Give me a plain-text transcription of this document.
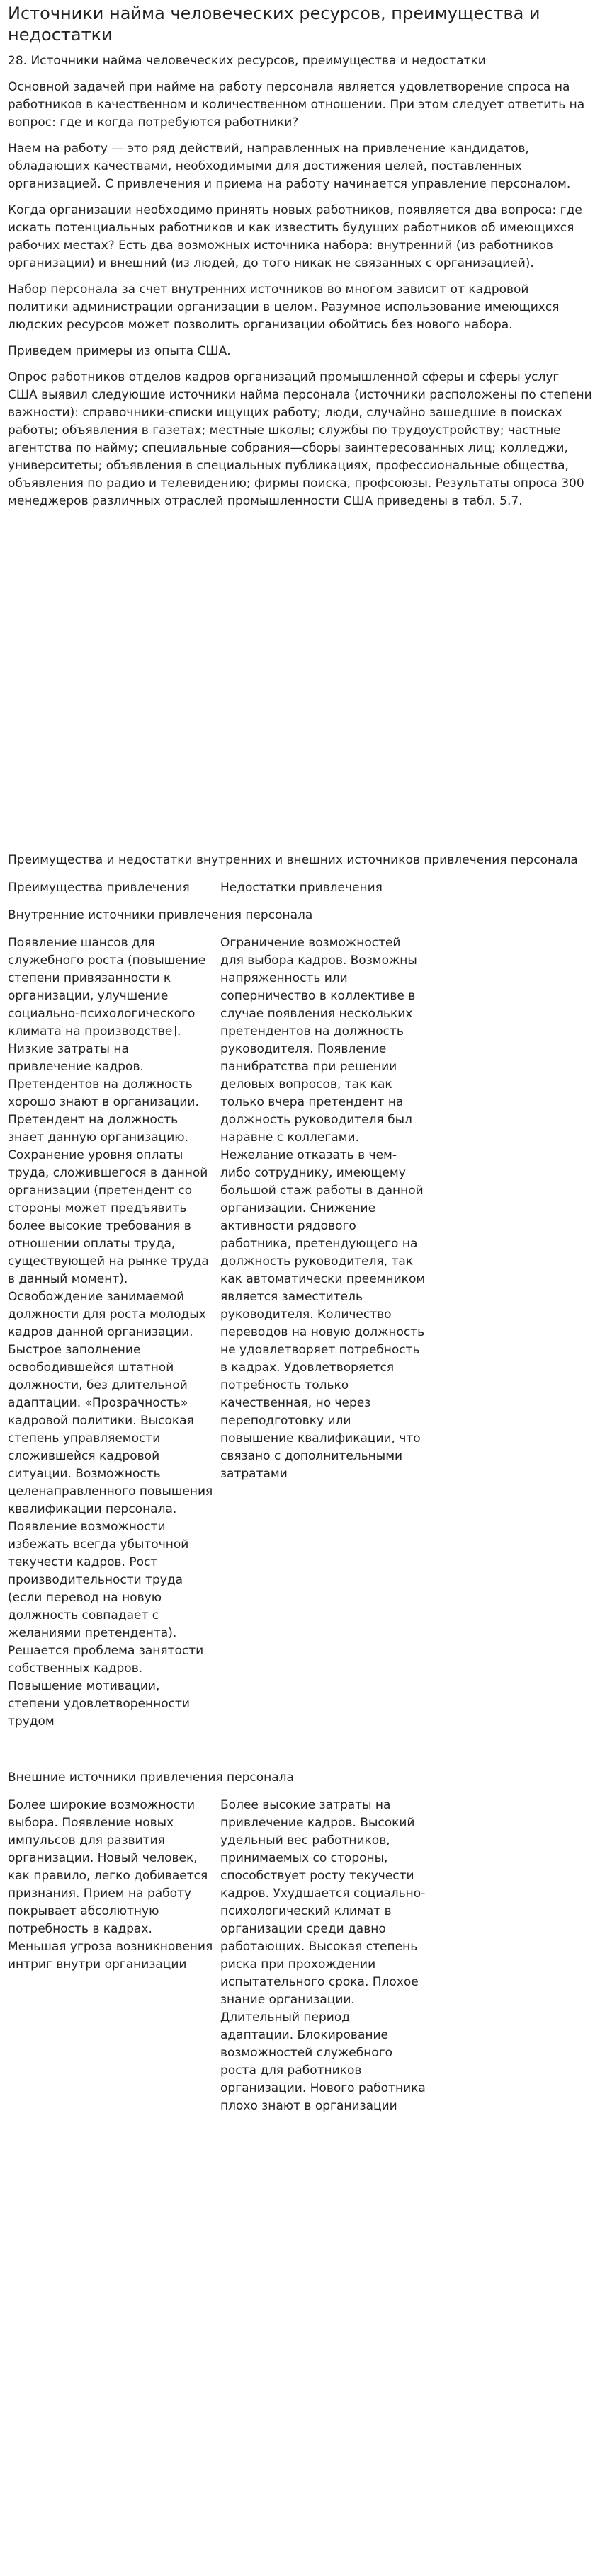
Источники найма человеческих ресурсов, преимущества и недостатки

28. Источники найма человеческих ресурсов, преимущества и недостатки

Основной задачей при найме на работу персонала является удовлетворение спроса на работников в качественном и количественном отношении. При этом следует ответить на вопрос: где и когда потребуются работники?

Наем на работу — это ряд действий, направленных на привлечение кандидатов, обладающих качествами, необходимыми для достижения целей, поставленных организацией. С привлечения и приема на работу начинается управление персоналом.

Когда организации необходимо принять новых работников, появляется два вопроса: где искать потенциальных работников и как известить будущих работников об имеющихся рабочих местах? Есть два возможных источника набора: внутренний (из работников организации) и внешний (из людей, до того никак не связанных с организацией).

Набор персонала за счет внутренних источников во многом зависит от кадровой политики администрации организации в целом. Разумное использование имеющихся людских ресурсов может позволить организации обойтись без нового набора.

Приведем примеры из опыта США.

Опрос работников отделов кадров организаций промышленной сферы и сферы услуг США выявил следующие источники найма персонала (источники расположены по степени важности): справочники-списки ищущих работу; люди, случайно зашедшие в поисках работы; объявления в газетах; местные школы; службы по трудоустройству; частные агентства по найму; специальные собрания—сборы заинтересованных лиц; колледжи, университеты; объявления в специальных публикациях, профессиональные общества, объявления по радио и телевидению; фирмы поиска, профсоюзы. Результаты опроса 300 менеджеров различных отраслей промышленности США приведены в табл. 5.7.

Преимущества и недостатки внутренних и внешних источников привлечения персонала

Преимущества привлечения	Недостатки привлечения

Внутренние источники привлечения персонала

Появление шансов для служебного роста (повышение степени привязанности к организации, улучшение социально-психологического климата на производстве]. Низкие затраты на привлечение кадров. Претендентов на должность хорошо знают в организации. Претендент на должность знает данную организацию. Сохранение уровня оплаты труда, сложившегося в данной организации (претендент со стороны может предъявить более высокие требования в отношении оплаты труда, существующей на рынке труда в данный момент). Освобождение занимаемой должности для роста молодых кадров данной организации. Быстрое заполнение освободившейся штатной должности, без длительной адаптации. «Прозрачность» кадровой политики. Высокая степень управляемости сложившейся кадровой ситуации. Возможность целенаправленного повышения квалификации персонала. Появление возможности избежать всегда убыточной текучести кадров. Рост производительности труда (если перевод на новую должность совпадает с желаниями претендента). Решается проблема занятости собственных кадров. Повышение мотивации, степени удовлетворенности трудом

Ограничение возможностей для выбора кадров. Возможны напряженность или соперничество в коллективе в случае появления нескольких претендентов на должность руководителя. Появление панибратства при решении деловых вопросов, так как только вчера претендент на должность руководителя был наравне с коллегами. Нежелание отказать в чем-либо сотруднику, имеющему большой стаж работы в данной организации. Снижение активности рядового работника, претендующего на должность руководителя, так как автоматически преемником является заместитель руководителя. Количество переводов на новую должность не удовлетворяет потребность в кадрах. Удовлетворяется потребность только качественная, но через переподготовку или повышение квалификации, что связано с дополнительными затратами

Внешние источники привлечения персонала

Более широкие возможности выбора. Появление новых импульсов для развития организации. Новый человек, как правило, легко добивается признания. Прием на работу покрывает абсолютную потребность в кадрах. Меньшая угроза возникновения интриг внутри организации

Более высокие затраты на привлечение кадров. Высокий удельный вес работников, принимаемых со стороны, способствует росту текучести кадров. Ухудшается социально-психологический климат в организации среди давно работающих. Высокая степень риска при прохождении испытательного срока. Плохое знание организации. Длительный период адаптации. Блокирование возможностей служебного роста для работников организации. Нового работника плохо знают в организации
